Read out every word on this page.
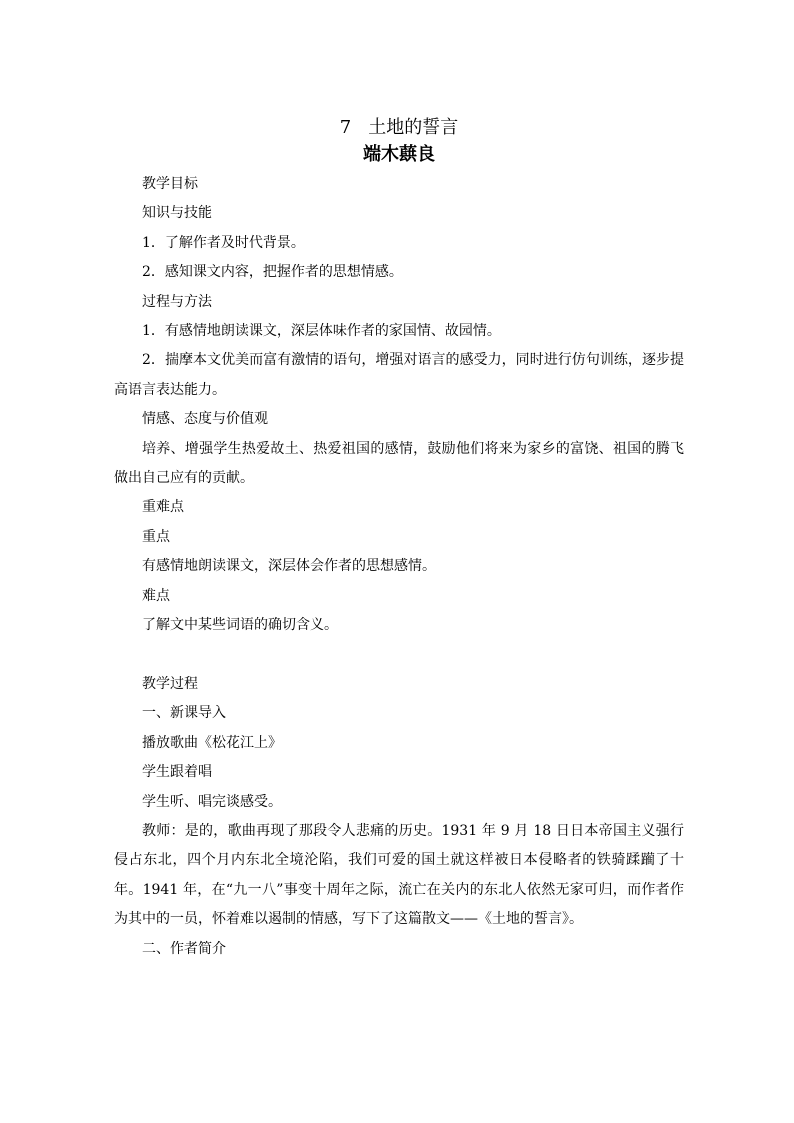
7   土地的誓言
端木蕻良

教学目标

知识与技能

1．了解作者及时代背景。

2．感知课文内容，把握作者的思想情感。

过程与方法

1．有感情地朗读课文，深层体味作者的家国情、故园情。

2．揣摩本文优美而富有激情的语句，增强对语言的感受力，同时进行仿句训练，逐步提高语言表达能力。

情感、态度与价值观

培养、增强学生热爱故土、热爱祖国的感情，鼓励他们将来为家乡的富饶、祖国的腾飞做出自己应有的贡献。

重难点

重点

有感情地朗读课文，深层体会作者的思想感情。

难点

了解文中某些词语的确切含义。

教学过程

一、新课导入

播放歌曲《松花江上》

学生跟着唱

学生听、唱完谈感受。

教师：是的，歌曲再现了那段令人悲痛的历史。1931 年 9 月 18 日日本帝国主义强行侵占东北，四个月内东北全境沦陷，我们可爱的国土就这样被日本侵略者的铁骑蹂躏了十年。1941 年，在“九一八”事变十周年之际，流亡在关内的东北人依然无家可归，而作者作为其中的一员，怀着难以遏制的情感，写下了这篇散文——《土地的誓言》。

二、作者简介
